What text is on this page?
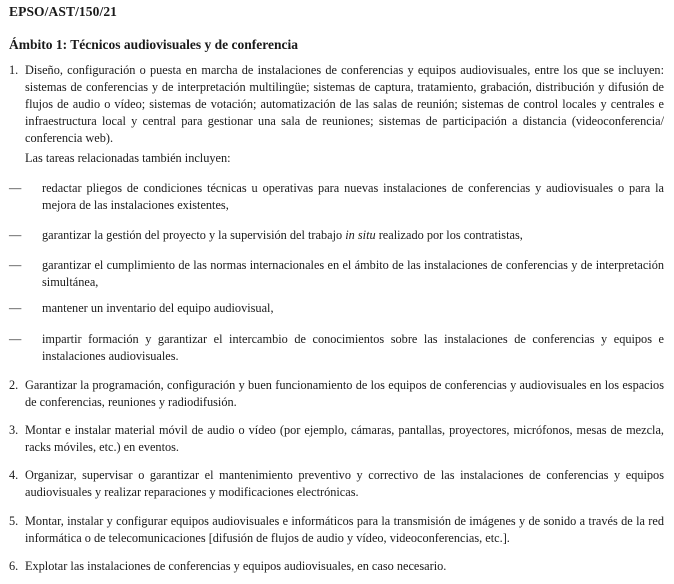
EPSO/AST/150/21
Ámbito 1: Técnicos audiovisuales y de conferencia
1. Diseño, configuración o puesta en marcha de instalaciones de conferencias y equipos audiovisuales, entre los que se incluyen: sistemas de conferencias y de interpretación multilingüe; sistemas de captura, tratamiento, grabación, distribución y difusión de flujos de audio o vídeo; sistemas de votación; automatización de las salas de reunión; sistemas de control locales y centrales e infraestructura local y central para gestionar una sala de reuniones; sistemas de participación a distancia (videoconferencia/ conferencia web).
Las tareas relacionadas también incluyen:
— redactar pliegos de condiciones técnicas u operativas para nuevas instalaciones de conferencias y audiovisuales o para la mejora de las instalaciones existentes,
— garantizar la gestión del proyecto y la supervisión del trabajo in situ realizado por los contratistas,
— garantizar el cumplimiento de las normas internacionales en el ámbito de las instalaciones de conferencias y de interpretación simultánea,
— mantener un inventario del equipo audiovisual,
— impartir formación y garantizar el intercambio de conocimientos sobre las instalaciones de conferencias y equipos e instalaciones audiovisuales.
2. Garantizar la programación, configuración y buen funcionamiento de los equipos de conferencias y audiovisuales en los espacios de conferencias, reuniones y radiodifusión.
3. Montar e instalar material móvil de audio o vídeo (por ejemplo, cámaras, pantallas, proyectores, micrófonos, mesas de mezcla, racks móviles, etc.) en eventos.
4. Organizar, supervisar o garantizar el mantenimiento preventivo y correctivo de las instalaciones de conferencias y equipos audiovisuales y realizar reparaciones y modificaciones electrónicas.
5. Montar, instalar y configurar equipos audiovisuales e informáticos para la transmisión de imágenes y de sonido a través de la red informática o de telecomunicaciones [difusión de flujos de audio y vídeo, videoconferencias, etc.].
6. Explotar las instalaciones de conferencias y equipos audiovisuales, en caso necesario.
